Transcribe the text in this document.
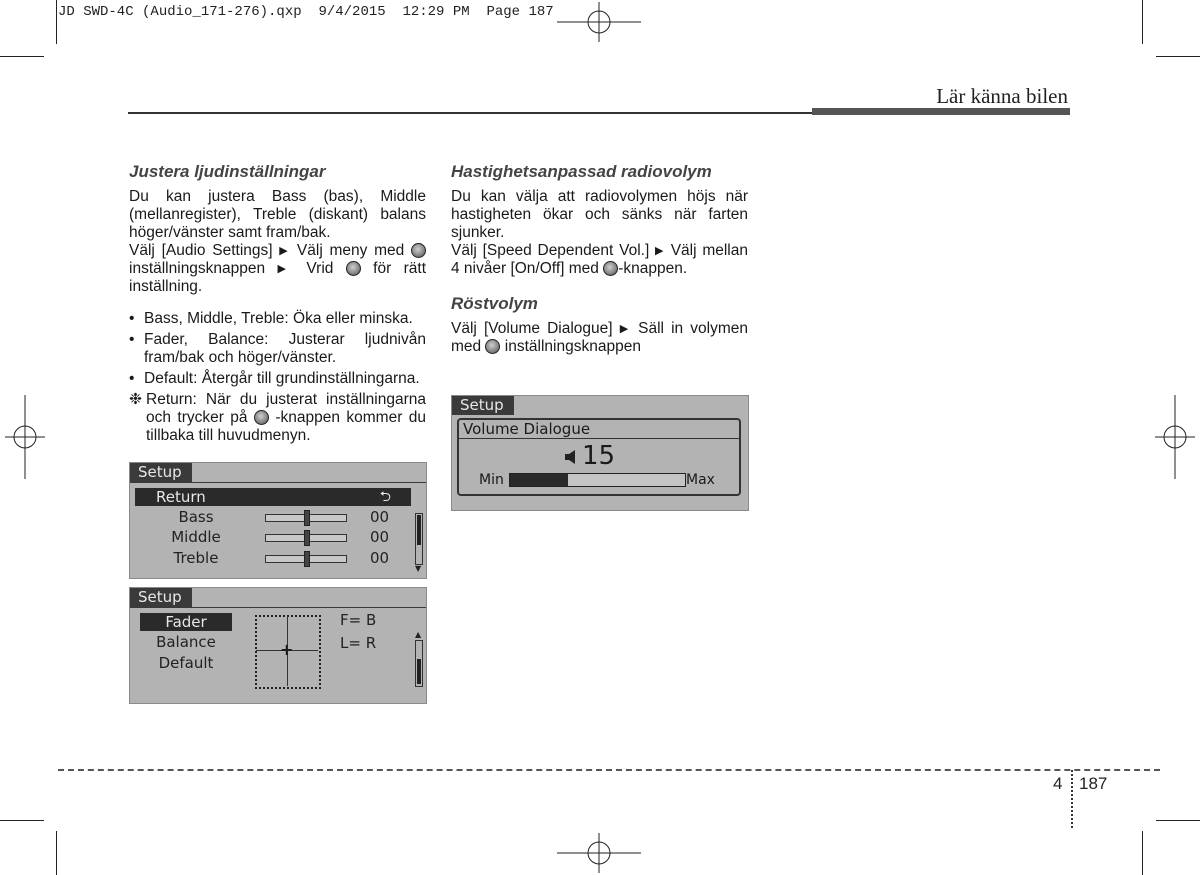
JD SWD-4C (Audio_171-276).qxp  9/4/2015  12:29 PM  Page 187
Lär känna bilen
Justera ljudinställningar

Du kan justera Bass (bas), Middle (mellanregister), Treble (diskant) balans höger/vänster samt fram/bak.

Välj [Audio Settings] ▶ Välj meny med  inställningsknappen ▶ Vrid	för rätt inställning.

• Bass, Middle, Treble: Öka eller minska.
• Fader, Balance: Justerar ljudnivån fram/bak och höger/vänster.
• Default: Återgår till grundinställningarna.
❉ Return: När du justerat inställningarna och trycker på -knappen kommer du tillbaka till huvudmenyn.
Hastighetsanpassad radiovolym

Du kan välja att radiovolymen höjs när hastigheten ökar och sänks när farten sjunker.

Välj [Speed Dependent Vol.] ▶ Välj mellan 4 nivåer [On/Off] med -knappen.

Röstvolym

Välj [Volume Dialogue] ▶ Säll in volymen med inställningsknappen

Setup
Return	⮌
Bass	00
Middle	00
Treble	00
▼
Setup
Fader
Balance
Default
+
F= B
L= R	▲
Setup
Volume Dialogue
15
Min	Max
4 187
